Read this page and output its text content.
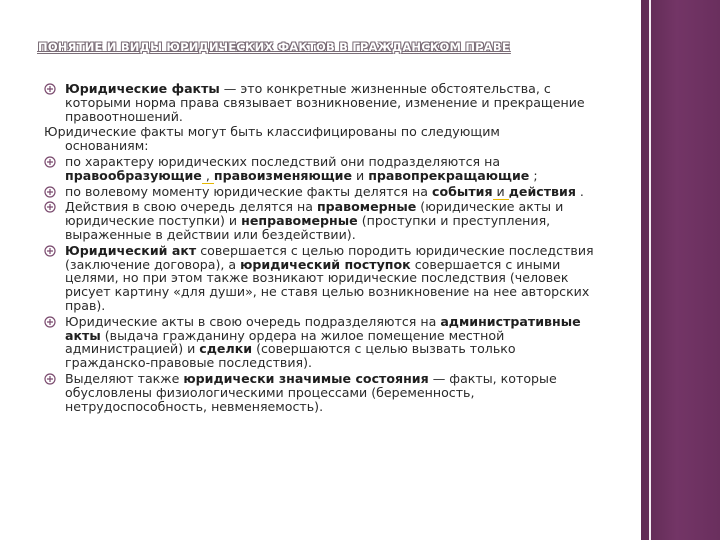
ПОНЯТИЕ И ВИДЫ ЮРИДИЧЕСКИХ ФАКТОВ В ГРАЖДАНСКОМ ПРАВЕ
Юридические факты — это конкретные жизненные обстоятельства, с которыми норма права связывает возникновение, изменение и прекращение правоотношений.
Юридические факты могут быть классифицированы по следующим
основаниям:
по характеру юридических последствий они подразделяются на правообразующие , правоизменяющие и правопрекращающие ;
по волевому моменту юридические факты делятся на события и действия .
Действия в свою очередь делятся на правомерные (юридические акты и юридические поступки) и неправомерные (проступки и преступления, выраженные в действии или бездействии).
Юридический акт совершается с целью породить юридические последствия (заключение договора), а юридический поступок совершается с иными целями, но при этом также возникают юридические последствия (человек рисует картину «для души», не ставя целью возникновение на нее авторских прав).
Юридические акты в свою очередь подразделяются на административные акты (выдача гражданину ордера на жилое помещение местной администрацией) и сделки (совершаются с целью вызвать только гражданско-правовые последствия).
Выделяют также юридически значимые состояния — факты, которые обусловлены физиологическими процессами (беременность, нетрудоспособность, невменяемость).
